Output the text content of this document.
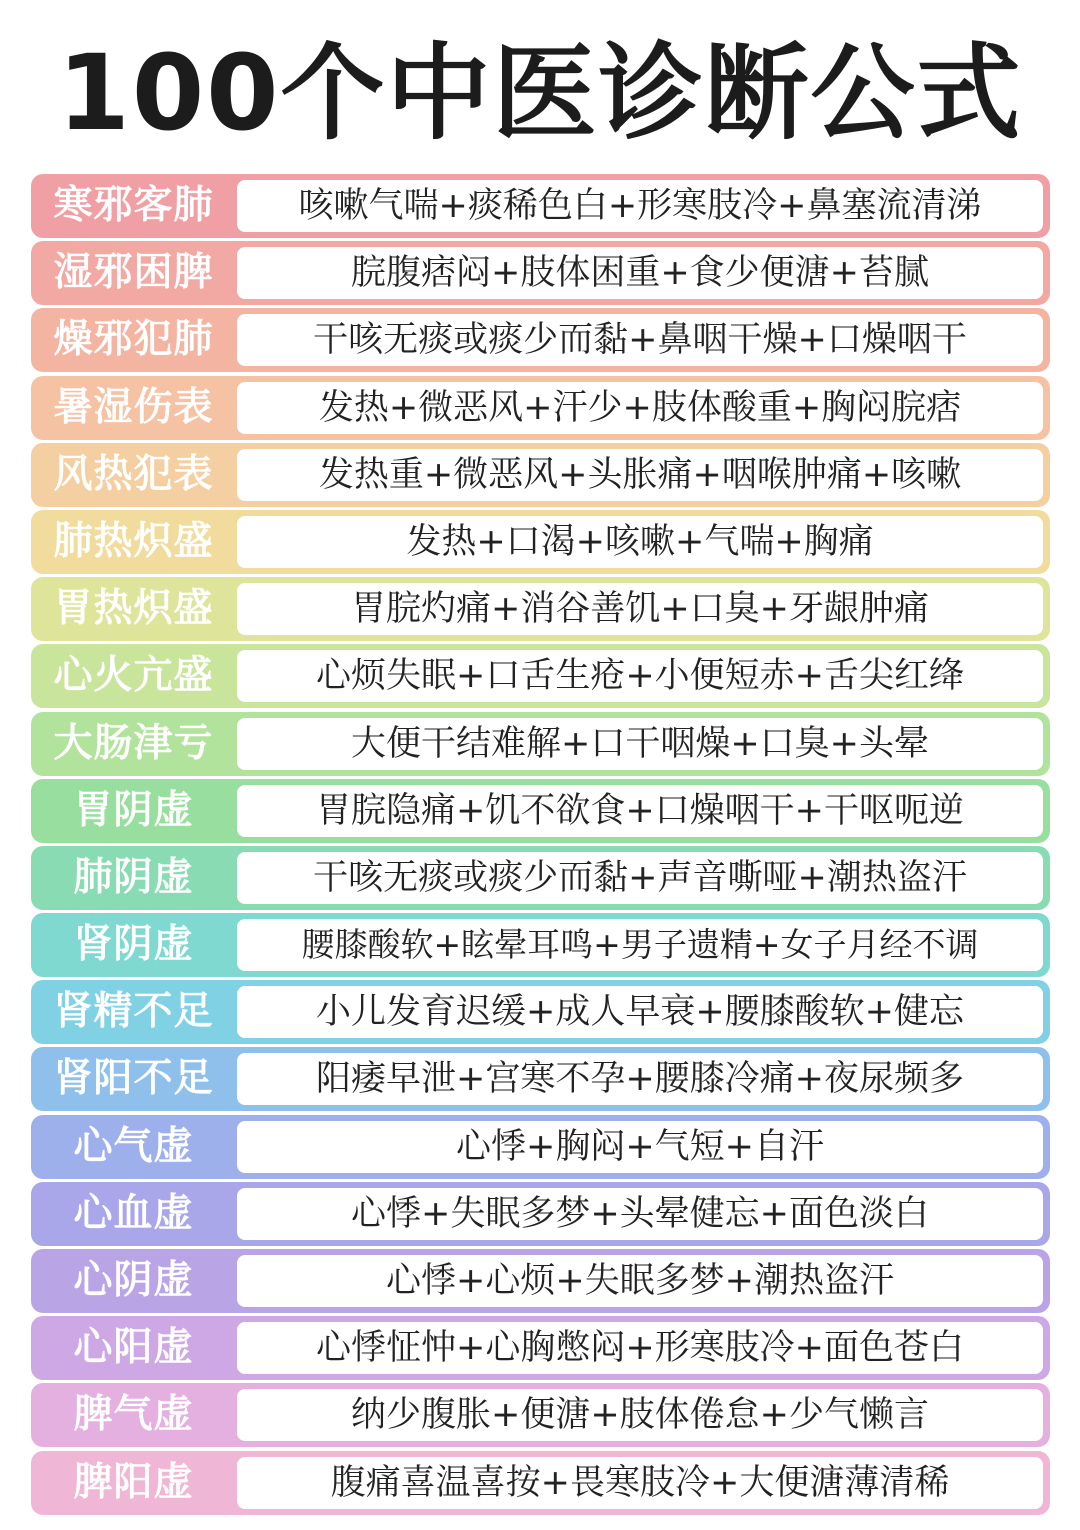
100个中医诊断公式
寒邪客肺	咳嗽气喘+痰稀色白+形寒肢冷+鼻塞流清涕
湿邪困脾	脘腹痞闷+肢体困重+食少便溏+苔腻
燥邪犯肺	干咳无痰或痰少而黏+鼻咽干燥+口燥咽干
暑湿伤表	发热+微恶风+汗少+肢体酸重+胸闷脘痞
风热犯表	发热重+微恶风+头胀痛+咽喉肿痛+咳嗽
肺热炽盛	发热+口渴+咳嗽+气喘+胸痛
胃热炽盛	胃脘灼痛+消谷善饥+口臭+牙龈肿痛
心火亢盛	心烦失眠+口舌生疮+小便短赤+舌尖红绛
大肠津亏	大便干结难解+口干咽燥+口臭+头晕
胃阴虚	胃脘隐痛+饥不欲食+口燥咽干+干呕呃逆
肺阴虚	干咳无痰或痰少而黏+声音嘶哑+潮热盗汗
肾阴虚	腰膝酸软+眩晕耳鸣+男子遗精+女子月经不调
肾精不足	小儿发育迟缓+成人早衰+腰膝酸软+健忘
肾阳不足	阳痿早泄+宫寒不孕+腰膝冷痛+夜尿频多
心气虚	心悸+胸闷+气短+自汗
心血虚	心悸+失眠多梦+头晕健忘+面色淡白
心阴虚	心悸+心烦+失眠多梦+潮热盗汗
心阳虚	心悸怔忡+心胸憋闷+形寒肢冷+面色苍白
脾气虚	纳少腹胀+便溏+肢体倦怠+少气懒言
脾阳虚	腹痛喜温喜按+畏寒肢冷+大便溏薄清稀
